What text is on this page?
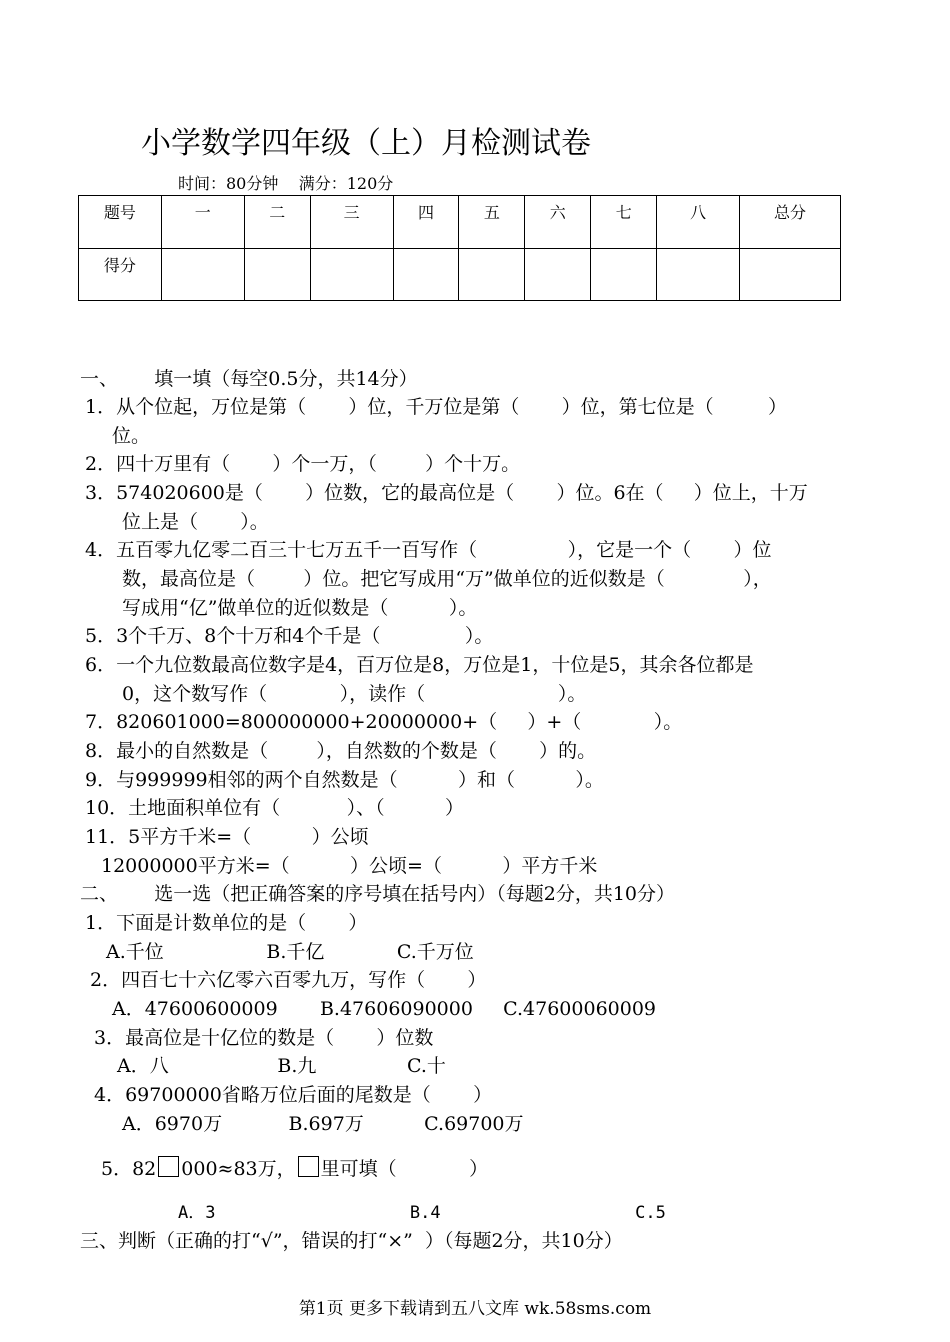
小学数学四年级（上）月检测试卷
时间：80分钟    满分：120分
题号	一	二	三	四	五	六	七	八	总分
得分									
一、      填一填（每空0.5分，共14分）
1．从个位起，万位是第（       ）位，千万位是第（       ）位，第七位是（         ）
位。
2．四十万里有（       ）个一万，（        ）个十万。
3．574020600是（       ）位数，它的最高位是（       ）位。6在（     ）位上，十万
位上是（       ）。
4．五百零九亿零二百三十七万五千一百写作（               ），它是一个（       ）位
数，最高位是（        ）位。把它写成用“万”做单位的近似数是（             ），
写成用“亿”做单位的近似数是（          ）。
5．3个千万、8个十万和4个千是（              ）。
6．一个九位数最高位数字是4，百万位是8，万位是1，十位是5，其余各位都是
0，这个数写作（            ），读作（                      ）。
7．820601000=800000000+20000000+（     ）+（            ）。
8．最小的自然数是（        ），自然数的个数是（       ）的。
9．与999999相邻的两个自然数是（          ）和（          ）。
10．土地面积单位有（           ）、（          ）
11．5平方千米=（          ）公顷
12000000平方米=（          ）公顷=（          ）平方千米
二、      选一选（把正确答案的序号填在括号内）（每题2分，共10分）
1．下面是计数单位的是（       ）
A.千位                 B.千亿            C.千万位
2．四百七十六亿零六百零九万，写作（       ）
A．47600600009       B.47606090000     C.47600060009
3．最高位是十亿位的数是（       ）位数
A．八                  B.九               C.十
4．69700000省略万位后面的尾数是（       ）
A．6970万           B.697万          C.69700万
5．82 000≈83万， 里可填（            ）
A．3                   B.4                   C.5
三、判断（正确的打“√”，错误的打“×”  ）（每题2分，共10分）
第1页 更多下载请到五八文库 wk.58sms.com
